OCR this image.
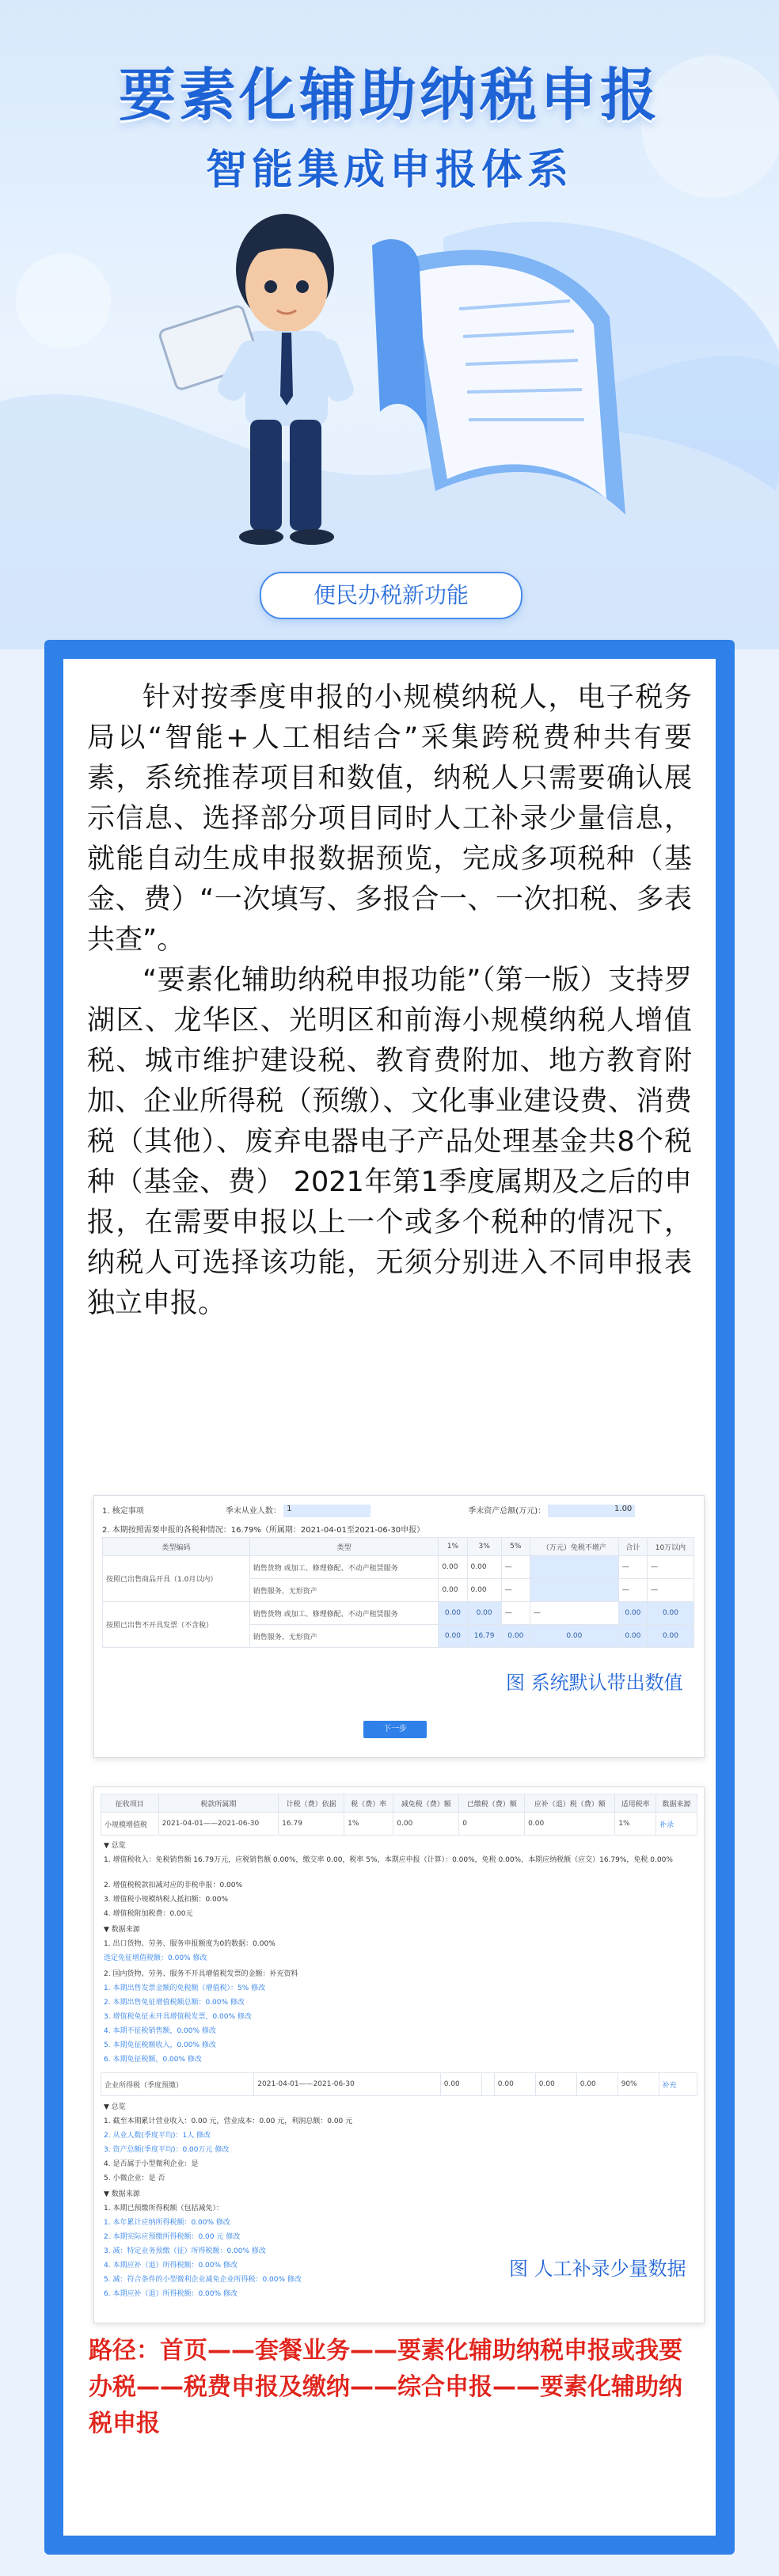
要素化辅助纳税申报
智能集成申报体系
便民办税新功能

针对按季度申报的小规模纳税人，电子税务局以“智能+人工相结合”采集跨税费种共有要素，系统推荐项目和数值，纳税人只需要确认展示信息、选择部分项目同时人工补录少量信息，就能自动生成申报数据预览，完成多项税种（基金、费）“一次填写、多报合一、一次扣税、多表共查”。

“要素化辅助纳税申报功能”（第一版）支持罗湖区、龙华区、光明区和前海小规模纳税人增值税、城市维护建设税、教育费附加、地方教育附加、企业所得税（预缴）、文化事业建设费、消费税（其他）、废弃电器电子产品处理基金共8个税种（基金、费） 2021年第1季度属期及之后的申报，在需要申报以上一个或多个税种的情况下，纳税人可选择该功能，无须分别进入不同申报表独立申报。

1. 核定事项	季末从业人数： 1	季末资产总额(万元)：	1.00
2. 本期按照需要申报的各税种情况：16.79%（所属期：2021-04-01至2021-06-30申报）
类型编码	类型	1%	3%	5%	（万元）免税不增产	合计	10万以内
按照已出售商品开具（1.0月以内）	销售货物 或加工、修理修配、不动产租赁服务	0.00	0.00	—		—	—
	销售服务、无形资产	0.00	0.00	—		—	—
按照已出售不开具发票（不含稅）	销售货物 或加工、修理修配、不动产租赁服务	0.00	0.00	—	—	0.00	0.00
	销售服务、无形资产	0.00	16.79	0.00	0.00	0.00	0.00
图 系统默认带出数值
下一步
征收项目	税款所属期	计税（费）依据	税（费）率	减免税（费）额	已缴税（费）额	应补（退）税（费）额	适用税率	数据来源
小规模增值税	2021-04-01——2021-06-30	16.79	1%	0.00	0	0.00	1%	补录
▼ 总览
1. 增值税收入：免税销售额 16.79万元，应税销售额 0.00%，缴交率 0.00，税率 5%，本期应申报（计算）：0.00%，免税 0.00%，本期应纳税额（应交）16.79%，免税 0.00%
2. 增值税税款扣减对应的非税申报：0.00%
3. 增值税小规模纳税人抵扣额：0.00%
4. 增值税附加税费：0.00元
▼ 数据来源
1. 出口货物、劳务、服务申报额度为0的数据：0.00%
选定免征增值税额：0.00% 修改
2. 国内货物、劳务、服务不开具增值税发票的金额：补充资料
1. 本期出售发票金额的免税额（增值税）：5% 修改
2. 本期出售免征增值税额总额：0.00% 修改
3. 增值税免征未开具增值税发票，0.00% 修改
4. 本期不征税销售额，0.00% 修改
5. 本期免征税额收入，0.00% 修改
6. 本期免征税额，0.00% 修改
企业所得税（季度预缴）	2021-04-01——2021-06-30	0.00		0.00	0.00	0.00	90%	补充
▼ 总览
1. 截至本期累计营业收入：0.00 元，营业成本：0.00 元，利润总额：0.00 元
2. 从业人数(季度平均)：1人 修改
3. 资产总额(季度平均)：0.00万元 修改
4. 是否属于小型微利企业：是
5. 小微企业：是 否
▼ 数据来源
1. 本期已预缴所得税额（包括减免）：
1. 本年累计应纳所得税额：0.00% 修改
2. 本期实际应预缴所得税额：0.00 元 修改
3. 减：特定业务预缴（征）所得税额：0.00% 修改
4. 本期应补（退）所得税额：0.00% 修改
5. 减：符合条件的小型微利企业减免企业所得税：0.00% 修改
6. 本期应补（退）所得税额：0.00% 修改
图 人工补录少量数据

路径：首页——套餐业务——要素化辅助纳税申报或我要办税——税费申报及缴纳——综合申报——要素化辅助纳税申报
